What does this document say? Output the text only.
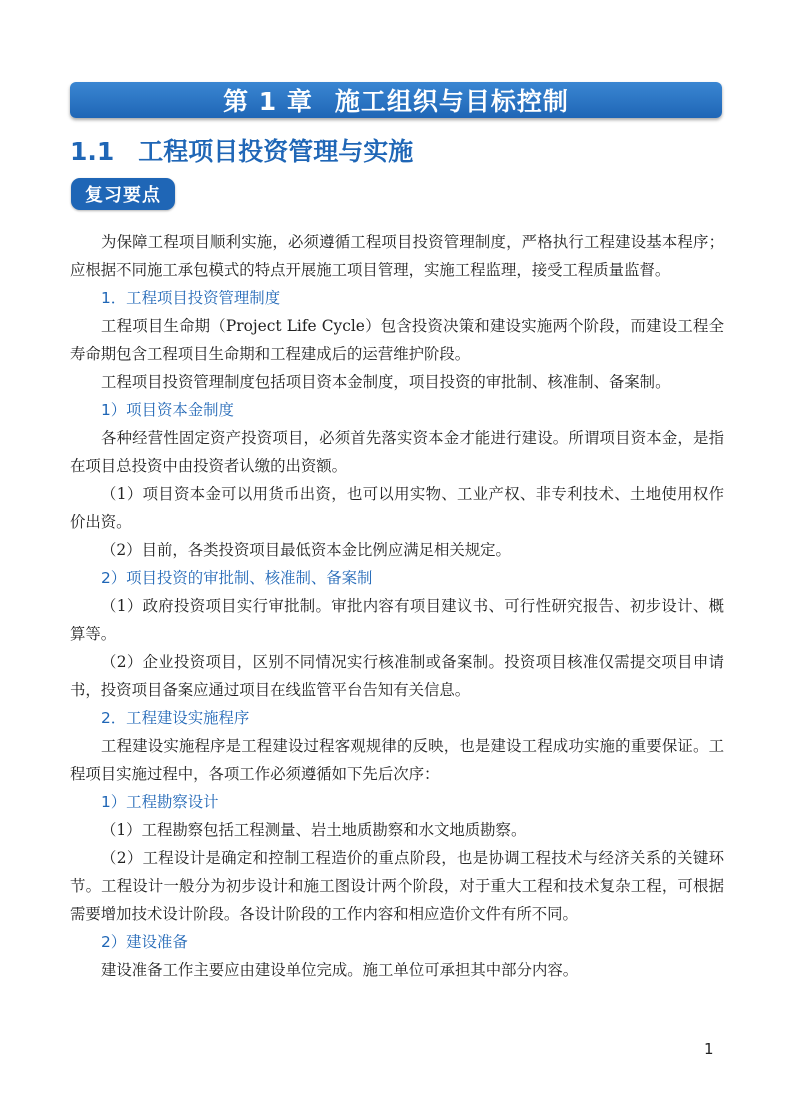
第 1 章 施工组织与目标控制
1.1 工程项目投资管理与实施
复习要点

为保障工程项目顺利实施，必须遵循工程项目投资管理制度，严格执行工程建设基本程序；应根据不同施工承包模式的特点开展施工项目管理，实施工程监理，接受工程质量监督。

1．工程项目投资管理制度

工程项目生命期（Project Life Cycle）包含投资决策和建设实施两个阶段，而建设工程全寿命期包含工程项目生命期和工程建成后的运营维护阶段。

工程项目投资管理制度包括项目资本金制度，项目投资的审批制、核准制、备案制。

1）项目资本金制度

各种经营性固定资产投资项目，必须首先落实资本金才能进行建设。所谓项目资本金，是指在项目总投资中由投资者认缴的出资额。

（1）项目资本金可以用货币出资，也可以用实物、工业产权、非专利技术、土地使用权作价出资。

（2）目前，各类投资项目最低资本金比例应满足相关规定。

2）项目投资的审批制、核准制、备案制

（1）政府投资项目实行审批制。审批内容有项目建议书、可行性研究报告、初步设计、概算等。

（2）企业投资项目，区别不同情况实行核准制或备案制。投资项目核准仅需提交项目申请书，投资项目备案应通过项目在线监管平台告知有关信息。

2．工程建设实施程序

工程建设实施程序是工程建设过程客观规律的反映，也是建设工程成功实施的重要保证。工程项目实施过程中，各项工作必须遵循如下先后次序：

1）工程勘察设计

（1）工程勘察包括工程测量、岩土地质勘察和水文地质勘察。

（2）工程设计是确定和控制工程造价的重点阶段，也是协调工程技术与经济关系的关键环节。工程设计一般分为初步设计和施工图设计两个阶段，对于重大工程和技术复杂工程，可根据需要增加技术设计阶段。各设计阶段的工作内容和相应造价文件有所不同。

2）建设准备

建设准备工作主要应由建设单位完成。施工单位可承担其中部分内容。

1
